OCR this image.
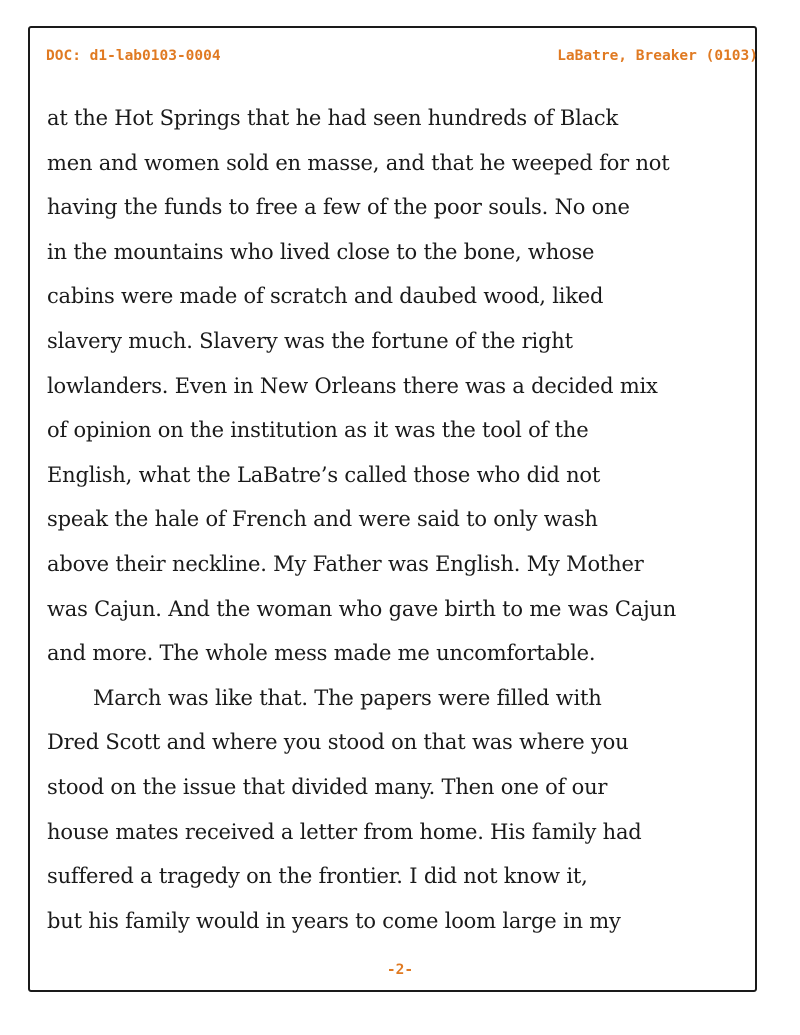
DOC: d1-lab0103-0004	LaBatre, Breaker (0103)
at the Hot Springs that he had seen hundreds of Black
men and women sold en masse, and that he weeped for not
having the funds to free a few of the poor souls. No one
in the mountains who lived close to the bone, whose
cabins were made of scratch and daubed wood, liked
slavery much. Slavery was the fortune of the right
lowlanders. Even in New Orleans there was a decided mix
of opinion on the institution as it was the tool of the
English, what the LaBatre’s called those who did not
speak the hale of French and were said to only wash
above their neckline. My Father was English. My Mother
was Cajun. And the woman who gave birth to me was Cajun
and more. The whole mess made me uncomfortable.
March was like that. The papers were filled with
Dred Scott and where you stood on that was where you
stood on the issue that divided many. Then one of our
house mates received a letter from home. His family had
suffered a tragedy on the frontier. I did not know it,
but his family would in years to come loom large in my
-2-
